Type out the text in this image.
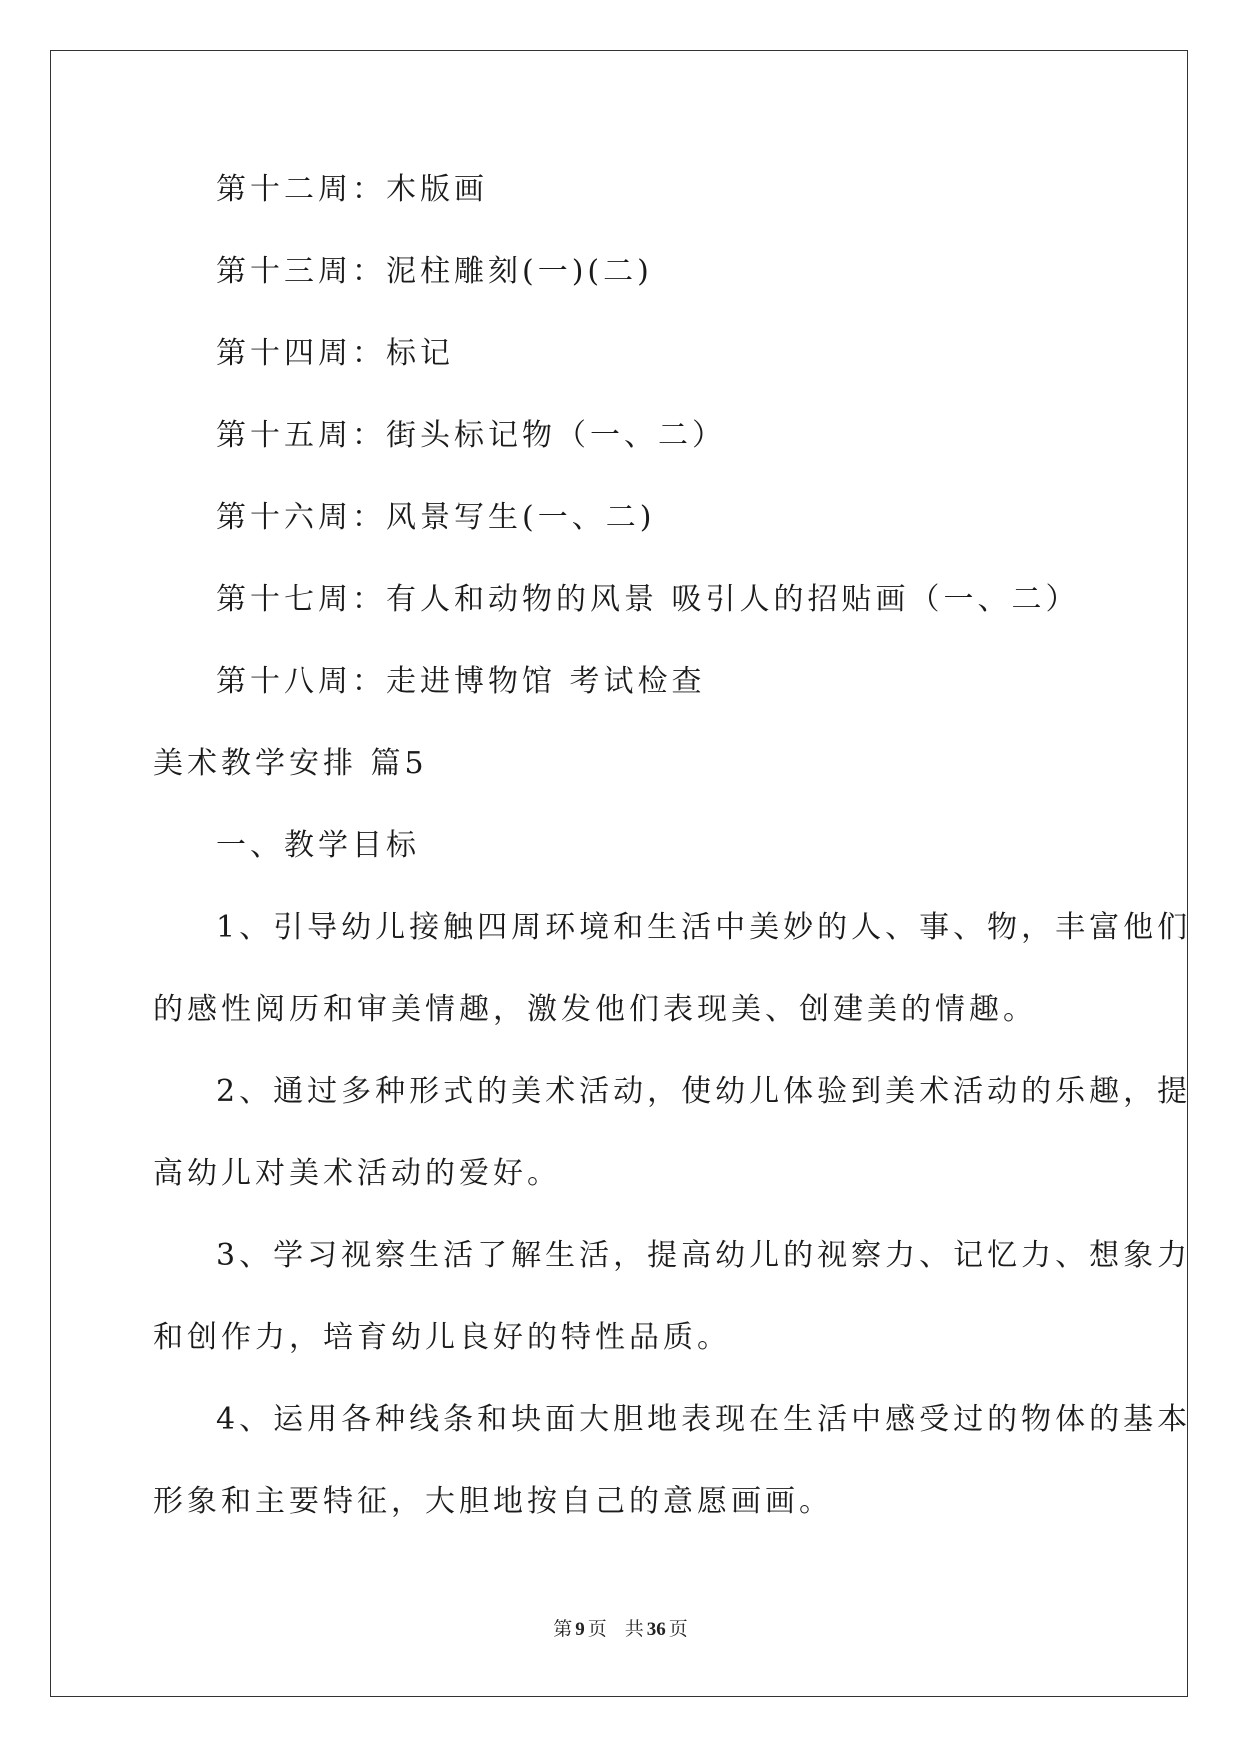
第十二周：木版画
第十三周：泥柱雕刻(一)(二)
第十四周：标记
第十五周：街头标记物（一、二）
第十六周：风景写生(一、二)
第十七周：有人和动物的风景 吸引人的招贴画（一、二）
第十八周：走进博物馆 考试检查
美术教学安排 篇5
一、教学目标
1、引导幼儿接触四周环境和生活中美妙的人、事、物，丰富他们
的感性阅历和审美情趣，激发他们表现美、创建美的情趣。
2、通过多种形式的美术活动，使幼儿体验到美术活动的乐趣，提
高幼儿对美术活动的爱好。
3、学习视察生活了解生活，提高幼儿的视察力、记忆力、想象力
和创作力，培育幼儿良好的特性品质。
4、运用各种线条和块面大胆地表现在生活中感受过的物体的基本
形象和主要特征，大胆地按自己的意愿画画。
第 9 页 共 36 页
